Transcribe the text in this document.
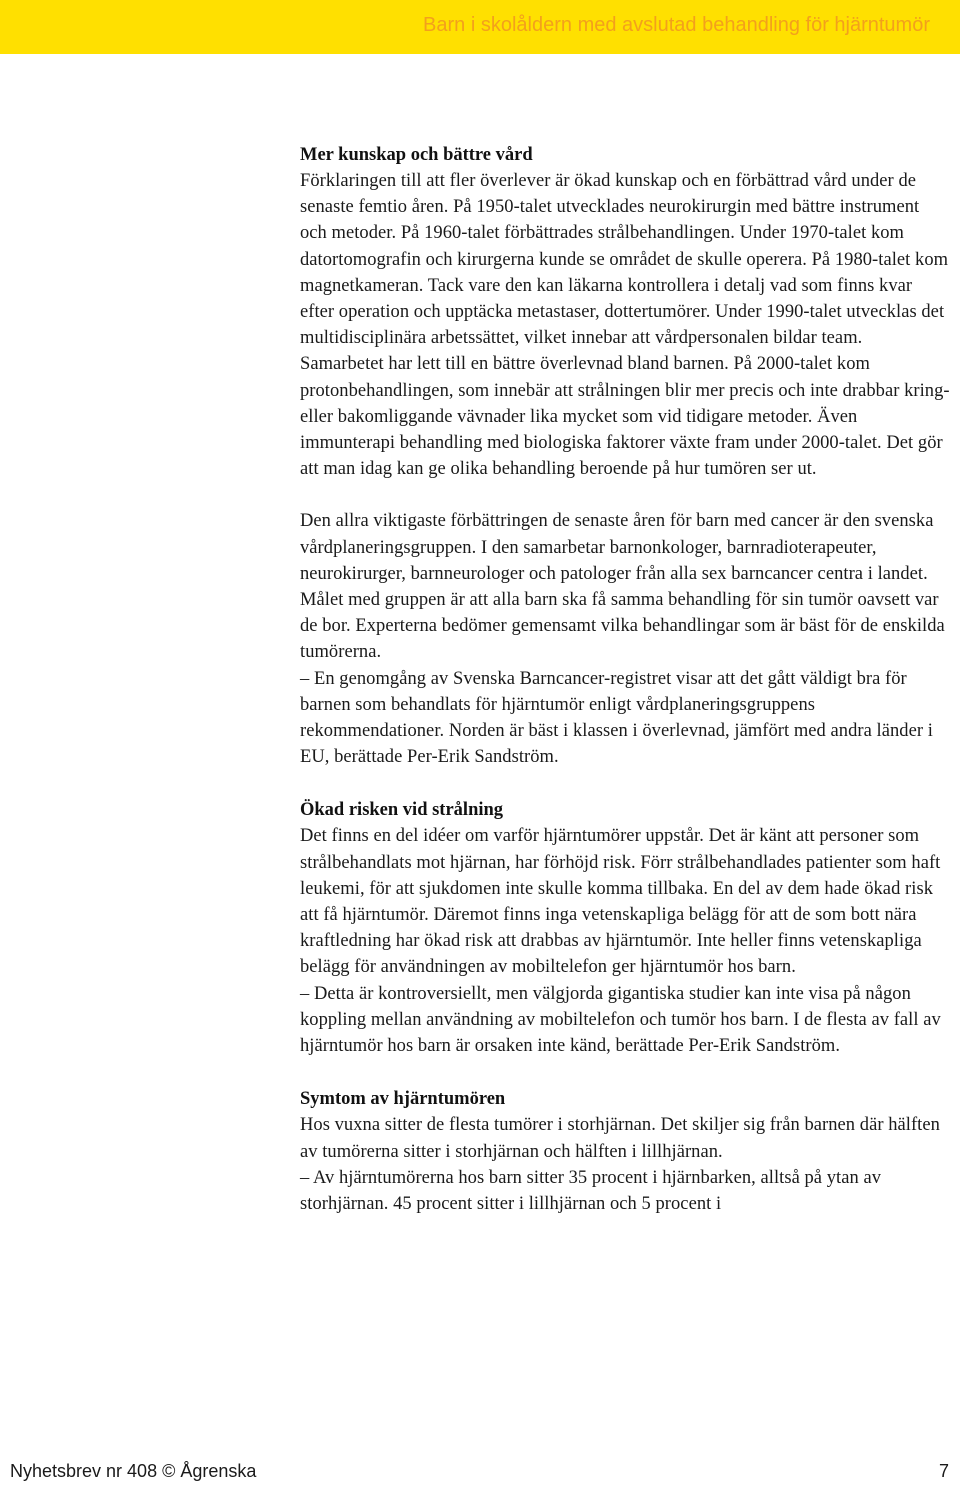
Barn i skolåldern med avslutad behandling för hjärntumör
Mer kunskap och bättre vård

Förklaringen till att fler överlever är ökad kunskap och en förbättrad vård under de senaste femtio åren. På 1950-talet utvecklades neurokirurgin med bättre instrument och metoder. På 1960-talet förbättrades strålbehandlingen. Under 1970-talet kom datortomografin och kirurgerna kunde se området de skulle operera. På 1980-talet kom magnetkameran. Tack vare den kan läkarna kontrollera i detalj vad som finns kvar efter operation och upptäcka metastaser, dottertumörer. Under 1990-talet utvecklas det multidisciplinära arbetssättet, vilket innebar att vårdpersonalen bildar team. Samarbetet har lett till en bättre överlevnad bland barnen. På 2000-talet kom protonbehandlingen, som innebär att strålningen blir mer precis och inte drabbar kring- eller bakomliggande vävnader lika mycket som vid tidigare metoder. Även immunterapi behandling med biologiska faktorer växte fram under 2000-talet. Det gör att man idag kan ge olika behandling beroende på hur tumören ser ut.

Den allra viktigaste förbättringen de senaste åren för barn med cancer är den svenska vårdplaneringsgruppen. I den samarbetar barnonkologer, barnradioterapeuter, neurokirurger, barnneurologer och patologer från alla sex barncancer centra i landet. Målet med gruppen är att alla barn ska få samma behandling för sin tumör oavsett var de bor. Experterna bedömer gemensamt vilka behandlingar som är bäst för de enskilda tumörerna.

– En genomgång av Svenska Barncancer-registret visar att det gått väldigt bra för barnen som behandlats för hjärntumör enligt vårdplaneringsgruppens rekommendationer. Norden är bäst i klassen i överlevnad, jämfört med andra länder i EU, berättade Per-Erik Sandström.

Ökad risken vid strålning

Det finns en del idéer om varför hjärntumörer uppstår. Det är känt att personer som strålbehandlats mot hjärnan, har förhöjd risk. Förr strålbehandlades patienter som haft leukemi, för att sjukdomen inte skulle komma tillbaka. En del av dem hade ökad risk att få hjärntumör. Däremot finns inga vetenskapliga belägg för att de som bott nära kraftledning har ökad risk att drabbas av hjärntumör. Inte heller finns vetenskapliga belägg för användningen av mobiltelefon ger hjärntumör hos barn.

– Detta är kontroversiellt, men välgjorda gigantiska studier kan inte visa på någon koppling mellan användning av mobiltelefon och tumör hos barn. I de flesta av fall av hjärntumör hos barn är orsaken inte känd, berättade Per-Erik Sandström.

Symtom av hjärntumören

Hos vuxna sitter de flesta tumörer i storhjärnan. Det skiljer sig från barnen där hälften av tumörerna sitter i storhjärnan och hälften i lillhjärnan.

– Av hjärntumörerna hos barn sitter 35 procent i hjärnbarken, alltså på ytan av storhjärnan. 45 procent sitter i lillhjärnan och 5 procent i

Nyhetsbrev nr 408 © Ågrenska	7
